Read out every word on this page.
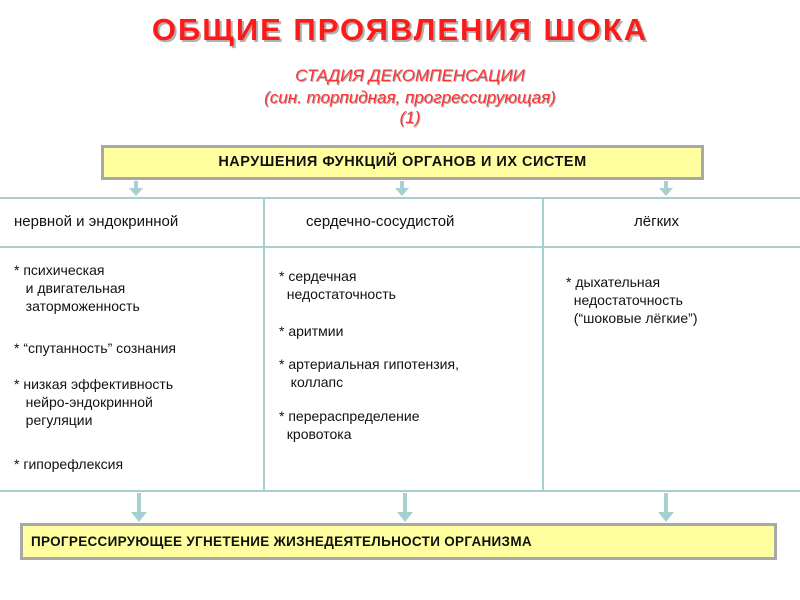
ОБЩИЕ ПРОЯВЛЕНИЯ ШОКА
СТАДИЯ ДЕКОМПЕНСАЦИИ
(син. торпидная, прогрессирующая)
(1)
НАРУШЕНИЯ ФУНКЦИЙ ОРГАНОВ И ИХ СИСТЕМ
нервной и эндокринной	сердечно-сосудистой	лёгких
* психическая
и двигательная
заторможенность
* “спутанность” сознания
* низкая эффективность
нейро-эндокринной
регуляции
* гипорефлексия
* сердечная
недостаточность
* аритмии
* артериальная гипотензия,
коллапс
* перераспределение
кровотока
* дыхательная
недостаточность
(“шоковые лёгкие”)
ПРОГРЕССИРУЮЩЕЕ УГНЕТЕНИЕ ЖИЗНЕДЕЯТЕЛЬНОСТИ ОРГАНИЗМА
